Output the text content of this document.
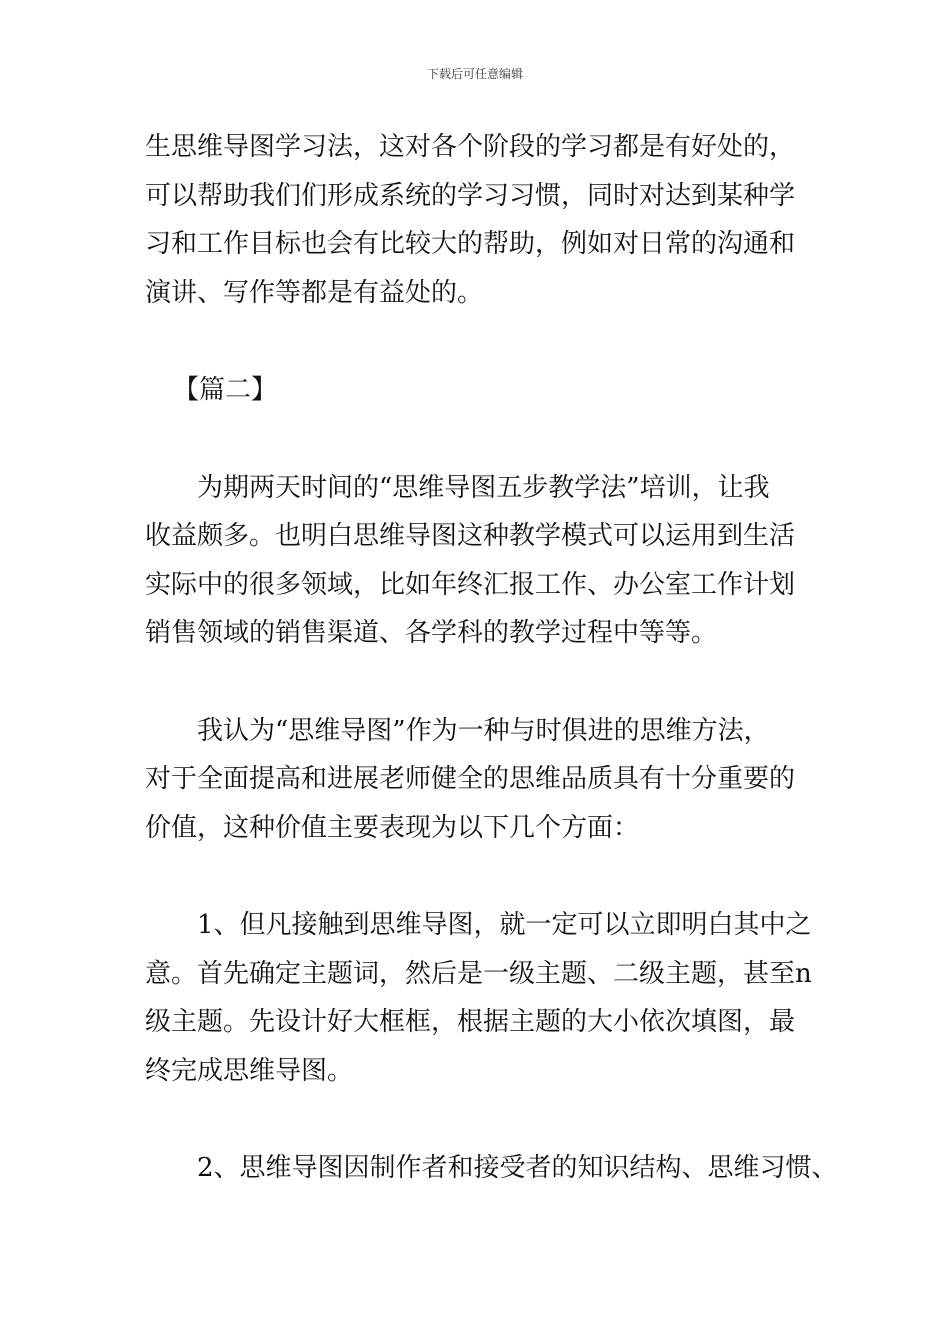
下载后可任意编辑

生思维导图学习法，这对各个阶段的学习都是有好处的，
可以帮助我们们形成系统的学习习惯，同时对达到某种学
习和工作目标也会有比较大的帮助，例如对日常的沟通和
演讲、写作等都是有益处的。

【篇二】

为期两天时间的“思维导图五步教学法”培训，让我
收益颇多。也明白思维导图这种教学模式可以运用到生活
实际中的很多领域，比如年终汇报工作、办公室工作计划
销售领域的销售渠道、各学科的教学过程中等等。

我认为“思维导图”作为一种与时俱进的思维方法，
对于全面提高和进展老师健全的思维品质具有十分重要的
价值，这种价值主要表现为以下几个方面：

1、但凡接触到思维导图，就一定可以立即明白其中之
意。首先确定主题词，然后是一级主题、二级主题，甚至n
级主题。先设计好大框框，根据主题的大小依次填图，最
终完成思维导图。

2、思维导图因制作者和接受者的知识结构、思维习惯、
